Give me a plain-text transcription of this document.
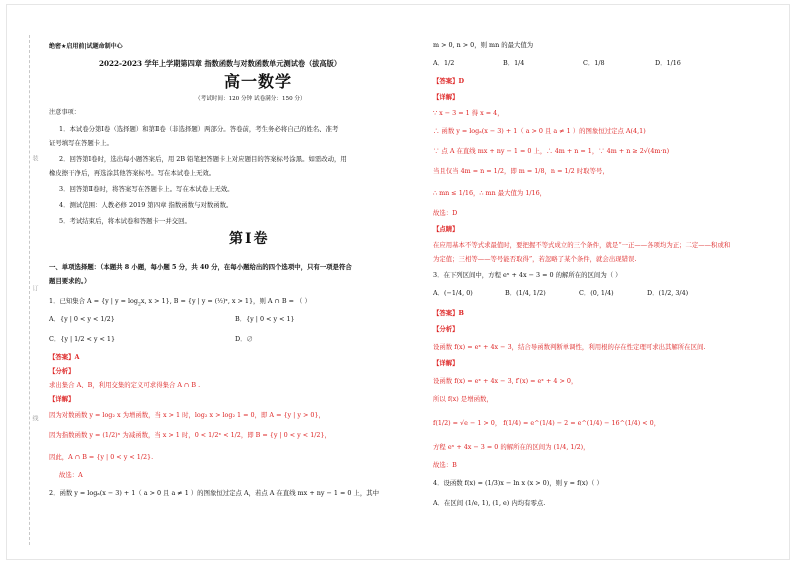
装
订
线
绝密★启用前|试题命制中心
2022-2023 学年上学期第四章 指数函数与对数函数单元测试卷（拔高版）
高一数学
（考试时间：120 分钟 试卷满分：150 分）
注意事项：
1．本试卷分第Ⅰ卷（选择题）和第Ⅱ卷（非选择题）两部分。答卷前，考生务必将自己的姓名、准考
证号填写在答题卡上。
2．回答第Ⅰ卷时，选出每小题答案后，用 2B 铅笔把答题卡上对应题目的答案标号涂黑。如需改动，用
橡皮擦干净后，再选涂其他答案标号。写在本试卷上无效。
3．回答第Ⅱ卷时，将答案写在答题卡上。写在本试卷上无效。
4．测试范围：人教必修 2019 第四章 指数函数与对数函数。
5．考试结束后，将本试卷和答题卡一并交回。
第Ⅰ卷
一、单项选择题：（本题共 8 小题，每小题 5 分，共 40 分，在每小题给出的四个选项中，只有一项是符合
题目要求的。）
1．已知集合 A = {y | $y = \log_2x$, x > 1}, B = {y | y = (½)ˣ, x > 1}，则 A ∩ B = （ ）
A．{y | 0 < y < 1/2}	B．{y | 0 < y < 1}
C．{y | 1/2 < y < 1}	D．∅
【答案】A
【分析】
求出集合 A、B，利用交集的定义可求得集合 A ∩ B .
【详解】
因为对数函数 y = log₂ x 为增函数，当 x > 1 时，log₂ x > log₂ 1 = 0，即 A = {y | y > 0}，
因为指数函数 y = (1/2)ˣ 为减函数，当 x > 1 时，0 < 1/2ˣ < 1/2，即 B = {y | 0 < y < 1/2}，
因此，A ∩ B = {y | 0 < y < 1/2}.
故选：A
2．函数 y = logₐ(x − 3) + 1（ a > 0 且 a ≠ 1 ）的图象恒过定点 A，若点 A 在直线 mx + ny − 1 = 0 上，其中
m > 0, n > 0，则 mn 的最大值为
A．1/2	B．1/4	C．1/8	D．1/16
【答案】D
【详解】
∵ x − 3 = 1 得 x = 4，
∴ 函数 y = logₐ(x − 3) + 1（ a > 0 且 a ≠ 1 ）的图象恒过定点 A(4,1)
∵ 点 A 在直线 mx + ny − 1 = 0 上，∴ 4m + n = 1，∵ 4m + n ≥ 2√(4m·n)
当且仅当 4m = n = 1/2，即 m = 1/8，n = 1/2 时取等号，
∴ mn ≤ 1/16，∴ mn 最大值为 1/16，
故选：D
【点睛】
在应用基本不等式求最值时，要把握不等式成立的三个条件，就是“一正——各项均为正；二定——积或和
为定值；三相等——等号能否取得”，若忽略了某个条件，就会出现错误.
3．在下列区间中，方程 eˣ + 4x − 3 = 0 的解所在的区间为（ ）
A．(−1/4, 0)	B．(1/4, 1/2)	C．(0, 1/4)	D．(1/2, 3/4)
【答案】B
【分析】
设函数 f(x) = eˣ + 4x − 3，结合导函数判断单调性，利用根的存在性定理可求出其解所在区间.
【详解】
设函数 f(x) = eˣ + 4x − 3, f′(x) = eˣ + 4 > 0，
所以 f(x) 是增函数，
f(1/2) = √e − 1 > 0， f(1/4) = e^(1/4) − 2 = e^(1/4) − 16^(1/4) < 0，
方程 eˣ + 4x − 3 = 0 的解所在的区间为 (1/4, 1/2)，
故选：B
4．设函数 f(x) = (1/3)x − ln x (x > 0)，则 y = f(x)（ ）
A．在区间 (1/e, 1), (1, e) 内均有零点.
